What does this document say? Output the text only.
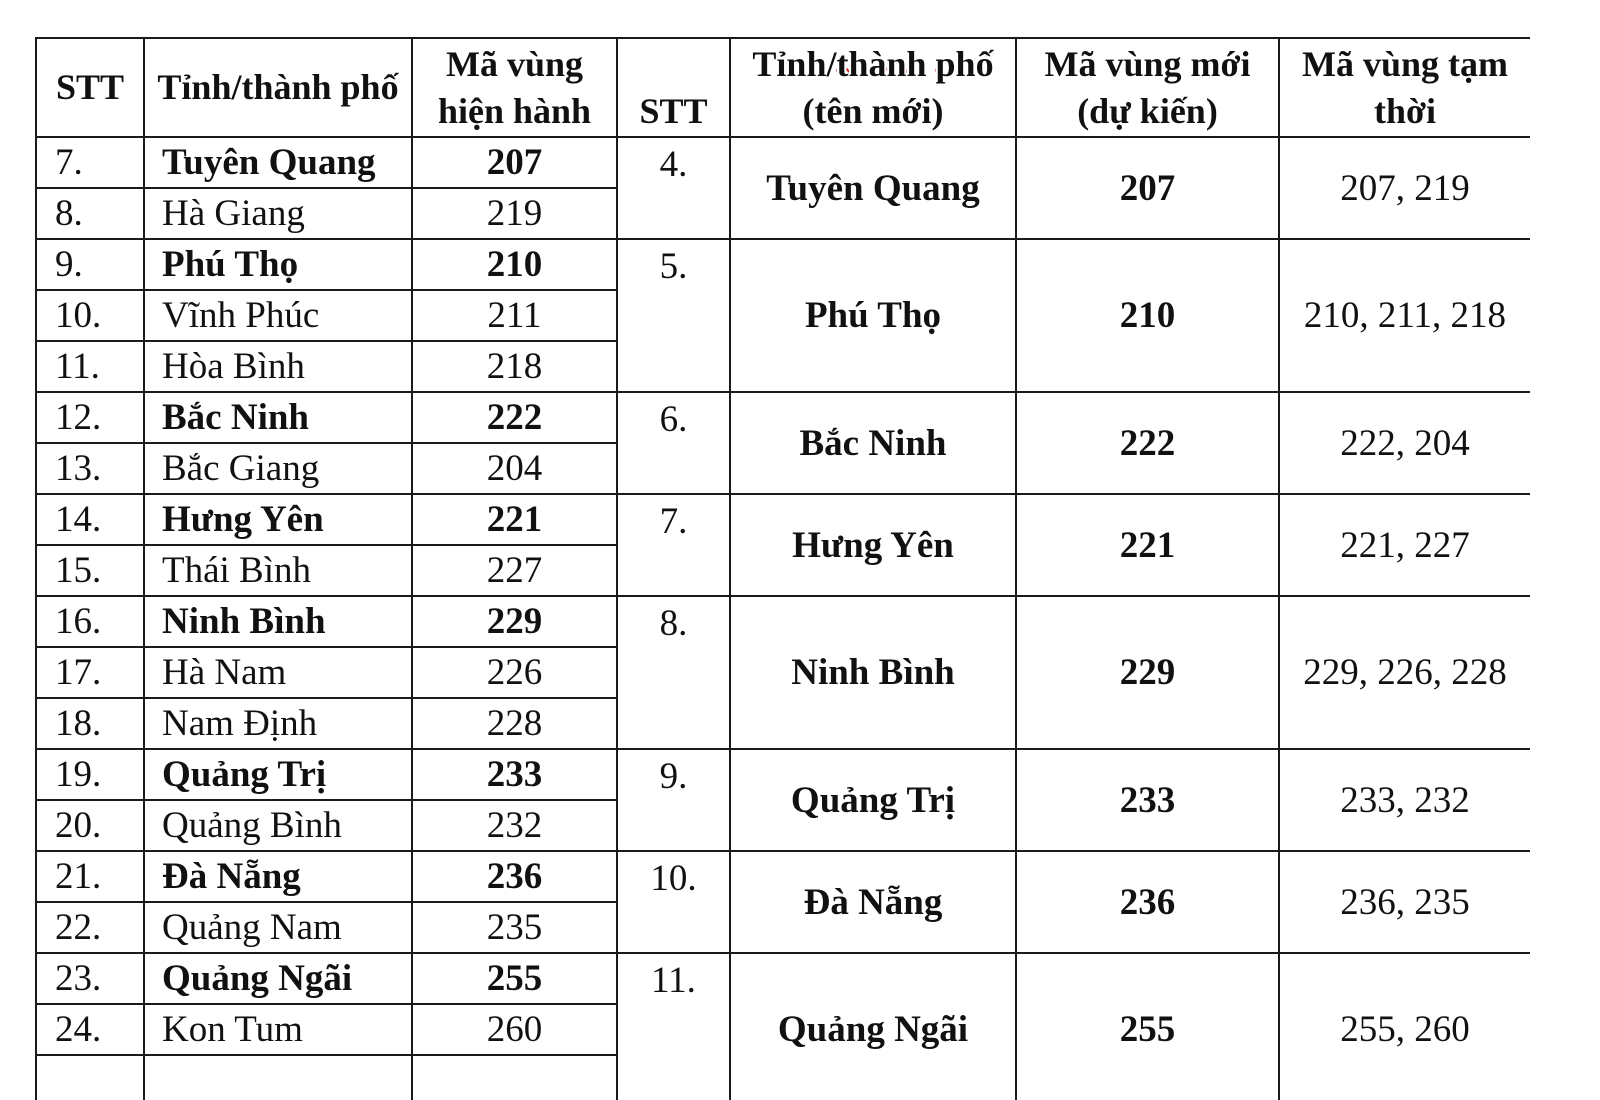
STT	Tỉnh/thành phố	Mã vùng hiện hành	STT	Tỉnh/thành phố (tên mới)	Mã vùng mới (dự kiến)	Mã vùng tạm thời
7.	Tuyên Quang	207	4.	Tuyên Quang	207	207, 219
8.	Hà Giang	219				
9.	Phú Thọ	210	5.	Phú Thọ	210	210, 211, 218
10.	Vĩnh Phúc	211				
11.	Hòa Bình	218				
12.	Bắc Ninh	222	6.	Bắc Ninh	222	222, 204
13.	Bắc Giang	204				
14.	Hưng Yên	221	7.	Hưng Yên	221	221, 227
15.	Thái Bình	227				
16.	Ninh Bình	229	8.	Ninh Bình	229	229, 226, 228
17.	Hà Nam	226				
18.	Nam Định	228				
19.	Quảng Trị	233	9.	Quảng Trị	233	233, 232
20.	Quảng Bình	232				
21.	Đà Nẵng	236	10.	Đà Nẵng	236	236, 235
22.	Quảng Nam	235				
23.	Quảng Ngãi	255	11.	Quảng Ngãi	255	255, 260
24.	Kon Tum	260				
